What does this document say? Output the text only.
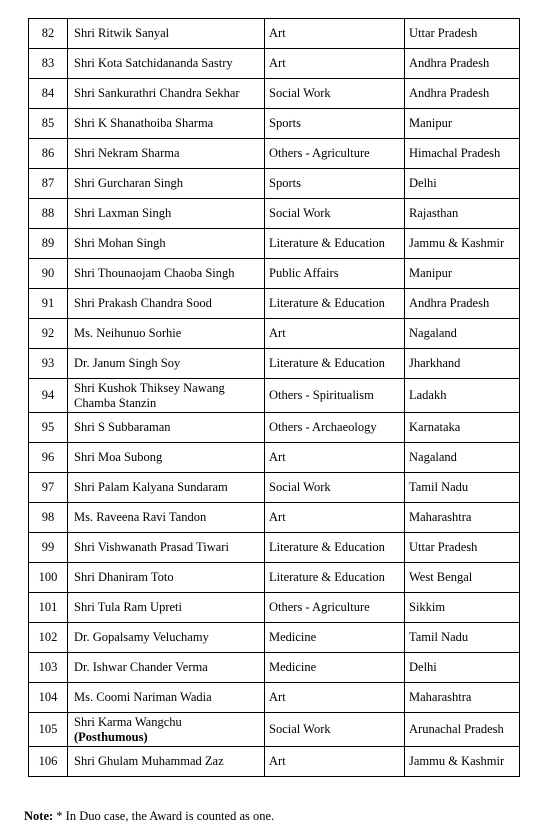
82	Shri Ritwik Sanyal	Art	Uttar Pradesh
83	Shri Kota Satchidananda Sastry	Art	Andhra Pradesh
84	Shri Sankurathri Chandra Sekhar	Social Work	Andhra Pradesh
85	Shri K Shanathoiba Sharma	Sports	Manipur
86	Shri Nekram Sharma	Others - Agriculture	Himachal Pradesh
87	Shri Gurcharan Singh	Sports	Delhi
88	Shri Laxman Singh	Social Work	Rajasthan
89	Shri Mohan Singh	Literature & Education	Jammu & Kashmir
90	Shri Thounaojam Chaoba Singh	Public Affairs	Manipur
91	Shri Prakash Chandra Sood	Literature & Education	Andhra Pradesh
92	Ms. Neihunuo Sorhie	Art	Nagaland
93	Dr. Janum Singh Soy	Literature & Education	Jharkhand
94	Shri Kushok Thiksey Nawang
Chamba Stanzin	Others - Spiritualism	Ladakh
95	Shri S Subbaraman	Others - Archaeology	Karnataka
96	Shri Moa Subong	Art	Nagaland
97	Shri Palam Kalyana Sundaram	Social Work	Tamil Nadu
98	Ms. Raveena Ravi Tandon	Art	Maharashtra
99	Shri Vishwanath Prasad Tiwari	Literature & Education	Uttar Pradesh
100	Shri Dhaniram Toto	Literature & Education	West Bengal
101	Shri Tula Ram Upreti	Others - Agriculture	Sikkim
102	Dr. Gopalsamy Veluchamy	Medicine	Tamil Nadu
103	Dr. Ishwar Chander Verma	Medicine	Delhi
104	Ms. Coomi Nariman Wadia	Art	Maharashtra
105	Shri Karma Wangchu
(Posthumous)	Social Work	Arunachal Pradesh
106	Shri Ghulam Muhammad Zaz	Art	Jammu & Kashmir
Note: * In Duo case, the Award is counted as one.
